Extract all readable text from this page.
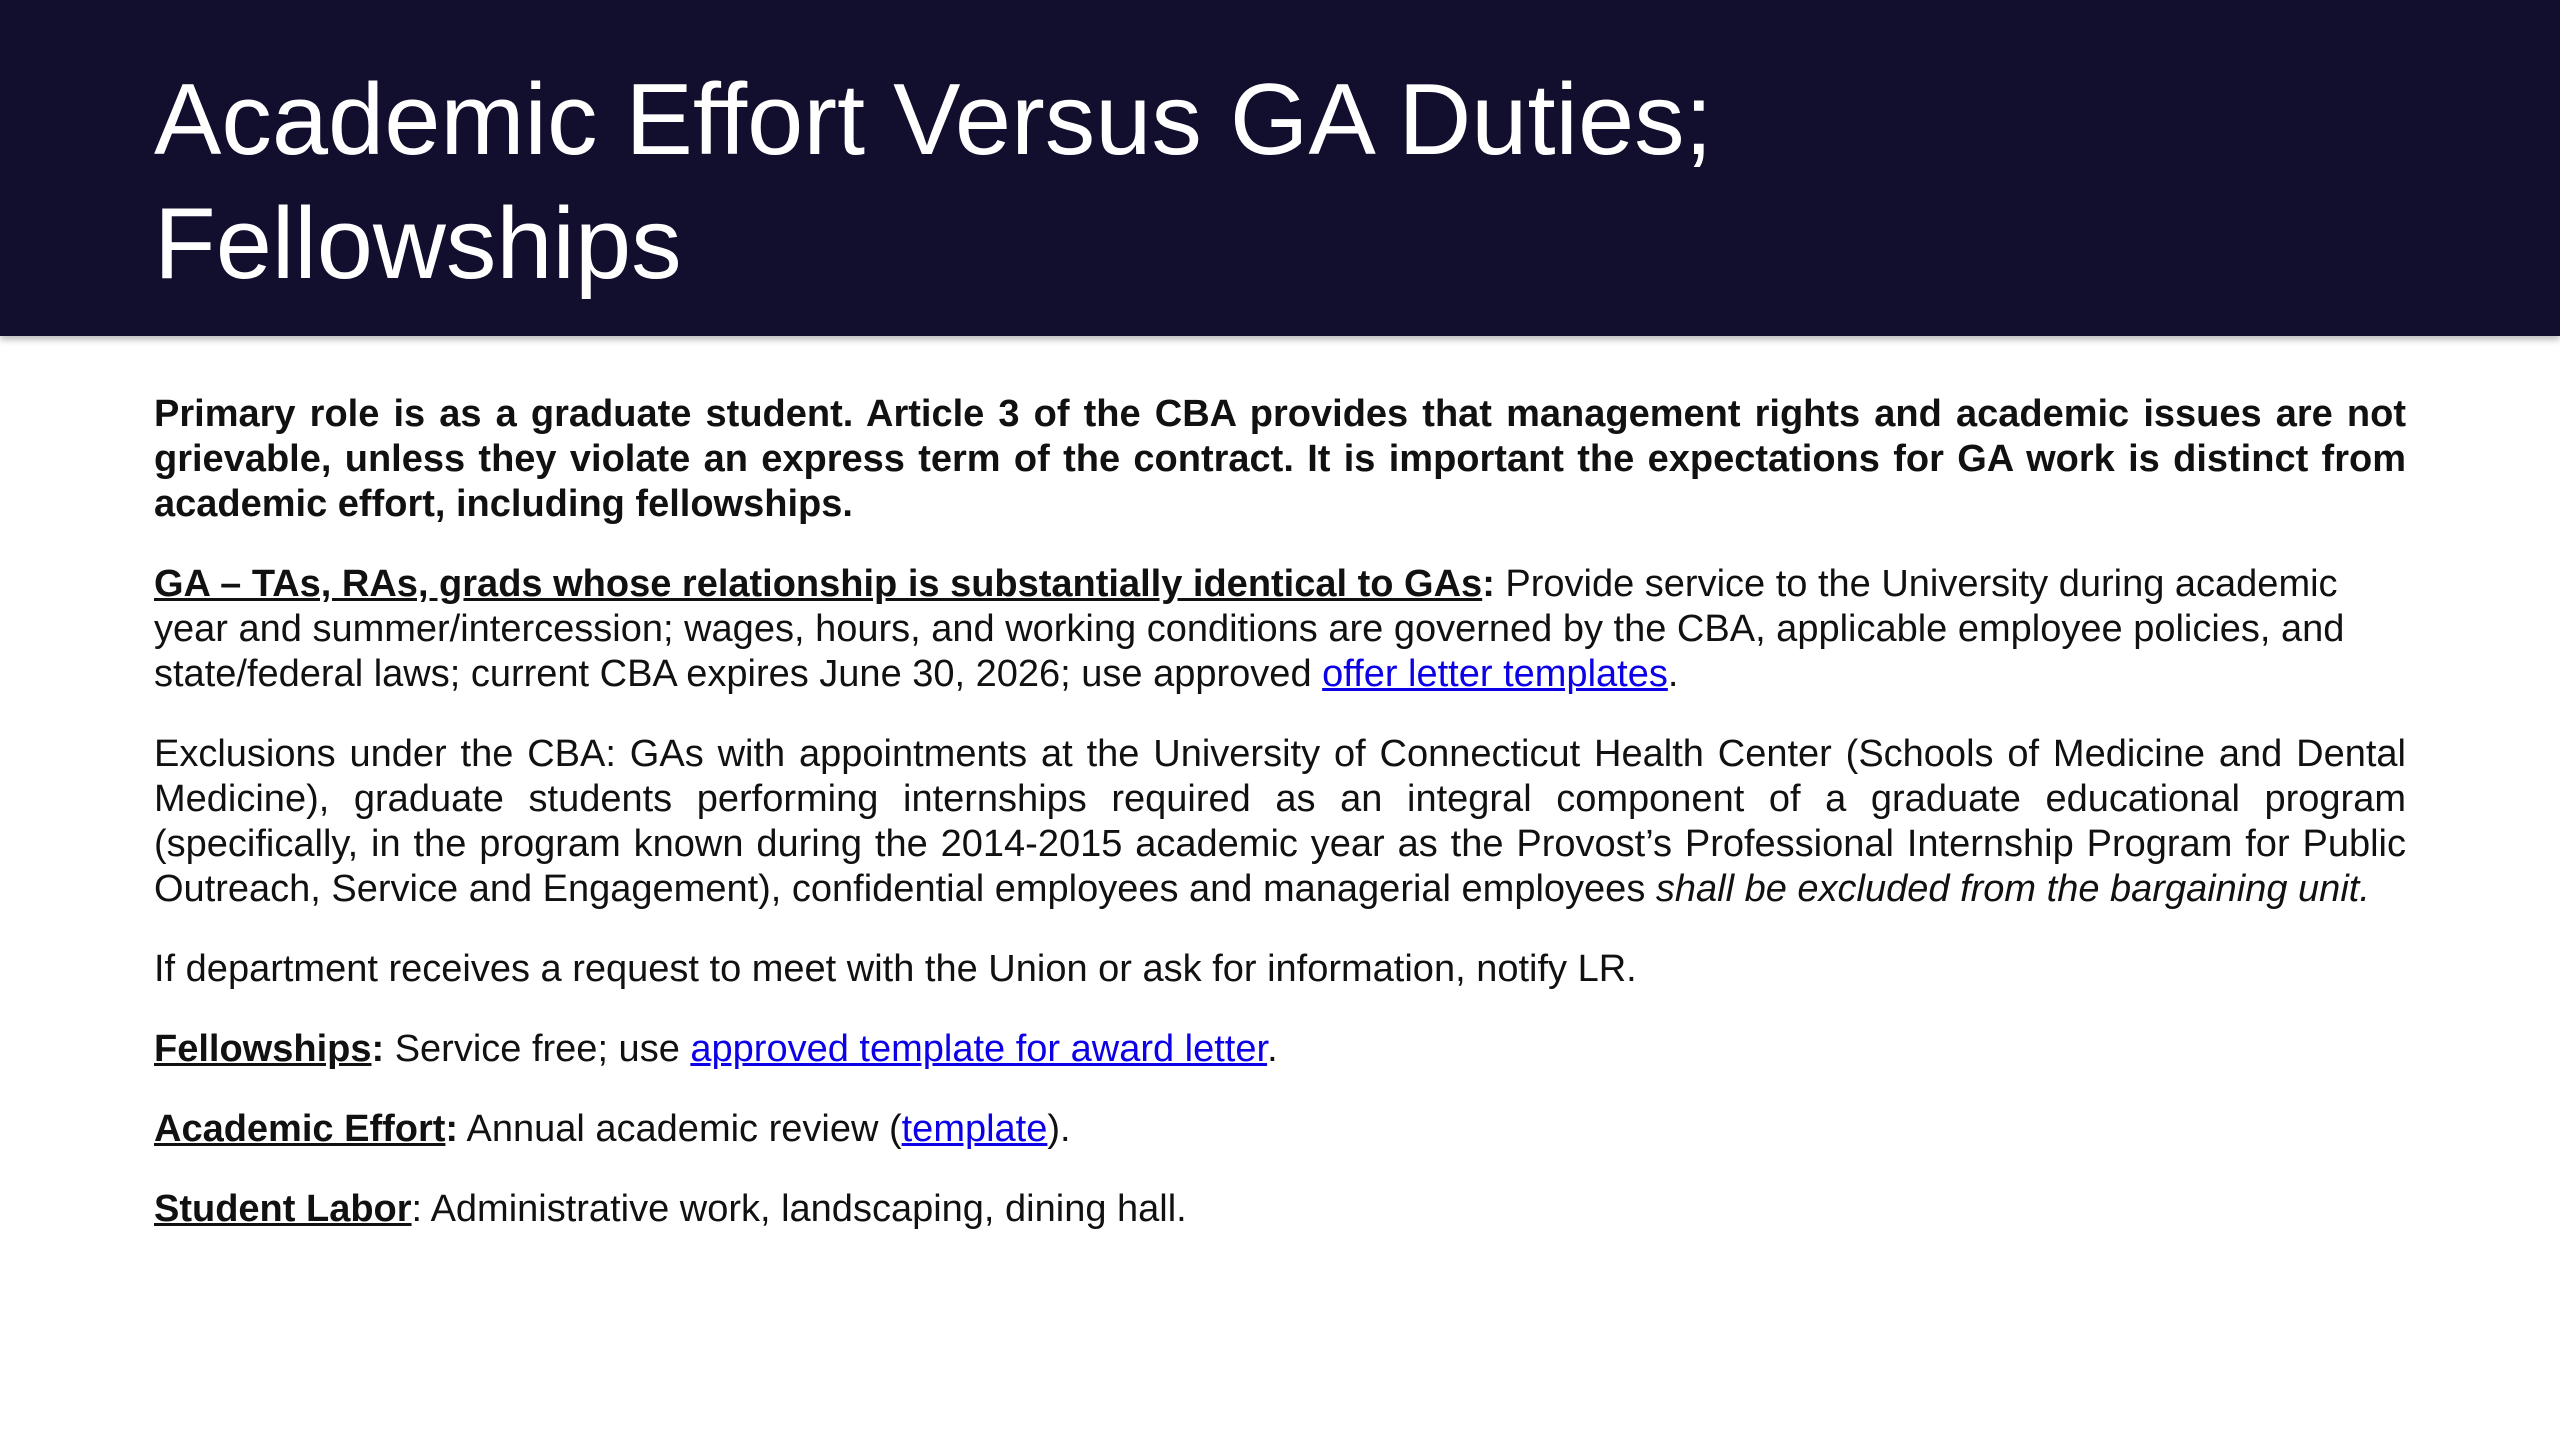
Academic Effort Versus GA Duties;
Fellowships

Primary role is as a graduate student. Article 3 of the CBA provides that management rights and academic issues are not grievable, unless they violate an express term of the contract. It is important the expectations for GA work is distinct from academic effort, including fellowships.

GA – TAs, RAs, grads whose relationship is substantially identical to GAs: Provide service to the University during academic year and summer/intercession; wages, hours, and working conditions are governed by the CBA, applicable employee policies, and state/federal laws; current CBA expires June 30, 2026; use approved offer letter templates.

Exclusions under the CBA: GAs with appointments at the University of Connecticut Health Center (Schools of Medicine and Dental Medicine), graduate students performing internships required as an integral component of a graduate educational program (specifically, in the program known during the 2014-2015 academic year as the Provost’s Professional Internship Program for Public Outreach, Service and Engagement), confidential employees and managerial employees shall be excluded from the bargaining unit.

If department receives a request to meet with the Union or ask for information, notify LR.

Fellowships: Service free; use approved template for award letter.

Academic Effort: Annual academic review (template).

Student Labor: Administrative work, landscaping, dining hall.
